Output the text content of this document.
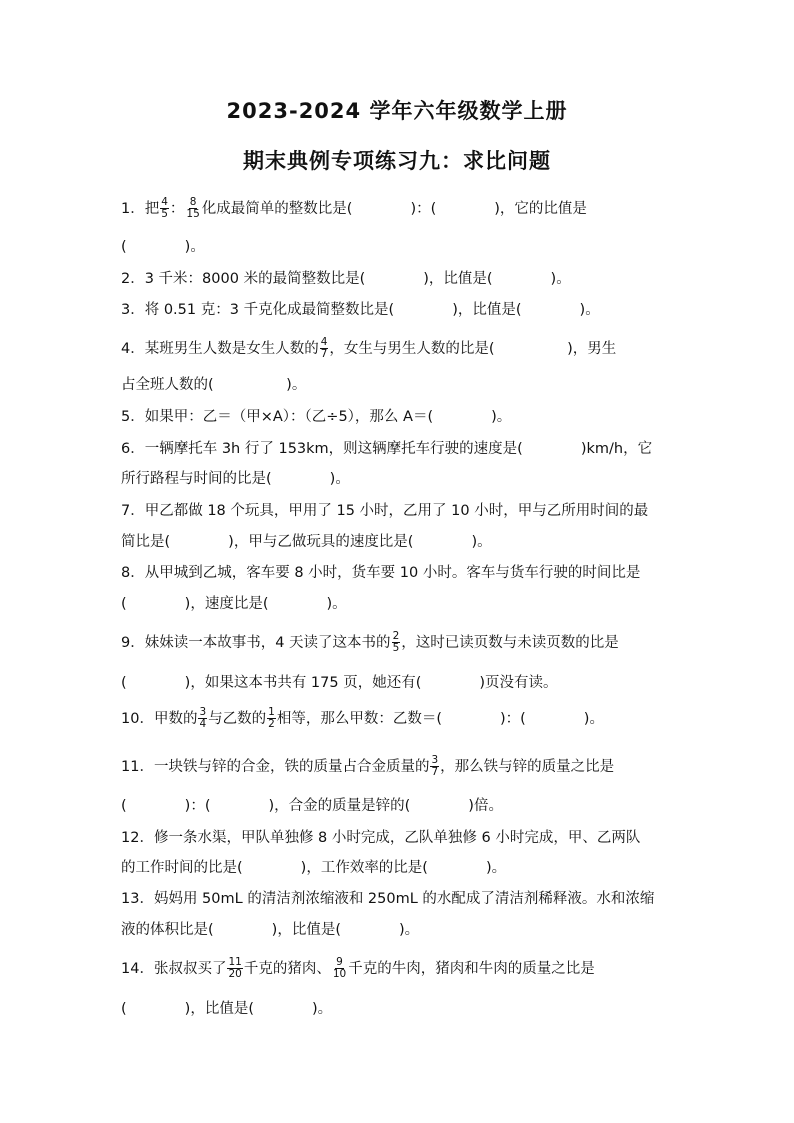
2023-2024 学年六年级数学上册
期末典例专项练习九：求比问题
1．把 $\frac{4}{5}$ ： $\frac{8}{15}$ 化成最简单的整数比是(　　　　)：(　　　　)，它的比值是
(　　　　)。
2．3 千米：8000 米的最简整数比是(　　　　)，比值是(　　　　)。
3．将 0.51 克：3 千克化成最简整数比是(　　　　)，比值是(　　　　)。
4．某班男生人数是女生人数的 $\frac{4}{7}$ ，女生与男生人数的比是(　　　　　)，男生
占全班人数的(　　　　　)。
5．如果甲：乙＝（甲×A）：（乙÷5），那么 A＝(　　　　)。
6．一辆摩托车 3h 行了 153km，则这辆摩托车行驶的速度是(　　　　)km/h，它
所行路程与时间的比是(　　　　)。
7．甲乙都做 18 个玩具，甲用了 15 小时，乙用了 10 小时，甲与乙所用时间的最
简比是(　　　　)，甲与乙做玩具的速度比是(　　　　)。
8．从甲城到乙城，客车要 8 小时，货车要 10 小时。客车与货车行驶的时间比是
(　　　　)，速度比是(　　　　)。
9．妹妹读一本故事书，4 天读了这本书的 $\frac{2}{5}$ ，这时已读页数与未读页数的比是
(　　　　)，如果这本书共有 175 页，她还有(　　　　)页没有读。
10．甲数的 $\frac{3}{4}$ 与乙数的 $\frac{1}{2}$ 相等，那么甲数：乙数＝(　　　　)：(　　　　)。
11．一块铁与锌的合金，铁的质量占合金质量的 $\frac{3}{7}$ ，那么铁与锌的质量之比是
(　　　　)：(　　　　)，合金的质量是锌的(　　　　)倍。
12．修一条水渠，甲队单独修 8 小时完成，乙队单独修 6 小时完成，甲、乙两队
的工作时间的比是(　　　　)，工作效率的比是(　　　　)。
13．妈妈用 50mL 的清洁剂浓缩液和 250mL 的水配成了清洁剂稀释液。水和浓缩
液的体积比是(　　　　)，比值是(　　　　)。
14．张叔叔买了 $\frac{11}{20}$ 千克的猪肉、 $\frac{9}{10}$ 千克的牛肉，猪肉和牛肉的质量之比是
(　　　　)，比值是(　　　　)。
